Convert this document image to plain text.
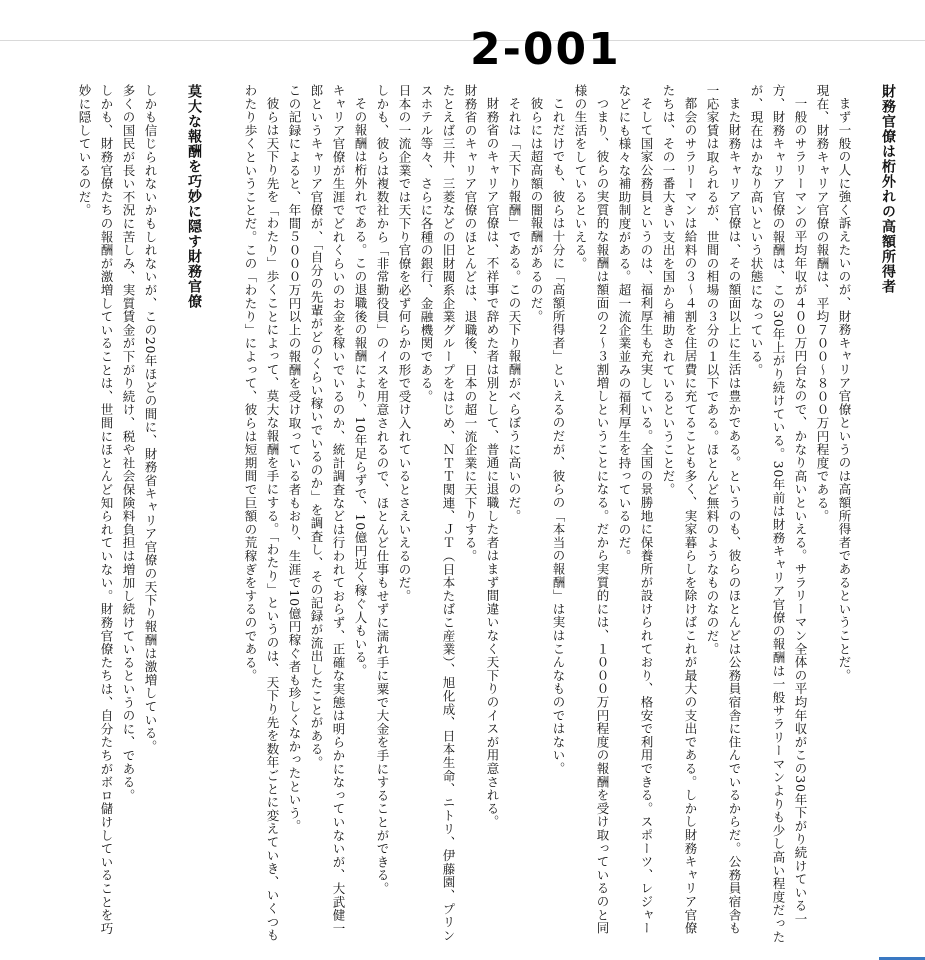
2-001
財務官僚は桁外れの高額所得者

まず一般の人に強く訴えたいのが、財務キャリア官僚というのは高額所得者であるということだ。

現在、財務キャリア官僚の報酬は、平均７００～８００万円程度である。

一般のサラリーマンの平均年収が４００万円台なので、かなり高いといえる。サラリーマン全体の平均年収がこの30年下がり続けている一方、財務キャリア官僚の報酬は、この30年上がり続けている。30年前は財務キャリア官僚の報酬は一般サラリーマンよりも少し高い程度だったが、現在はかなり高いという状態になっている。

また財務キャリア官僚は、その額面以上に生活は豊かである。というのも、彼らのほとんどは公務員宿舎に住んでいるからだ。公務員宿舎も一応家賃は取られるが、世間の相場の３分の１以下である。ほとんど無料のようなものなのだ。

都会のサラリーマンは給料の３～４割を住居費に充てることも多く、実家暮らしを除けばこれが最大の支出である。しかし財務キャリア官僚たちは、その一番大きい支出を国から補助されているということだ。

そして国家公務員というのは、福利厚生も充実している。全国の景勝地に保養所が設けられており、格安で利用できる。スポーツ、レジャーなどにも様々な補助制度がある。超一流企業並みの福利厚生を持っているのだ。

つまり、彼らの実質的な報酬は額面の２～３割増しということになる。だから実質的には、１０００万円程度の報酬を受け取っているのと同様の生活をしているといえる。

これだけでも、彼らは十分に「高額所得者」といえるのだが、彼らの「本当の報酬」は実はこんなものではない。

彼らには超高額の闇報酬があるのだ。

それは「天下り報酬」である。この天下り報酬がべらぼうに高いのだ。

財務省のキャリア官僚は、不祥事で辞めた者は別として、普通に退職した者はまず間違いなく天下りのイスが用意される。

財務省のキャリア官僚のほとんどは、退職後、日本の超一流企業に天下りする。

たとえば三井、三菱などの旧財閥系企業グループをはじめ、ＮＴＴ関連、ＪＴ（日本たばこ産業）、旭化成、日本生命、ニトリ、伊藤園、プリンスホテル等々、さらに各種の銀行、金融機関である。

日本の一流企業では天下り官僚を必ず何らかの形で受け入れているとさえいえるのだ。

しかも、彼らは複数社から「非常勤役員」のイスを用意されるので、ほとんど仕事もせずに濡れ手に粟で大金を手にすることができる。

その報酬は桁外れである。この退職後の報酬により、10年足らずで、10億円近く稼ぐ人もいる。

キャリア官僚が生涯でどれくらいのお金を稼いでいるのか、統計調査などは行われておらず、正確な実態は明らかになっていないが、大武健一郎というキャリア官僚が、「自分の先輩がどのくらい稼いでいるのか」を調査し、その記録が流出したことがある。

この記録によると、年間５０００万円以上の報酬を受け取っている者もおり、生涯で10億円稼ぐ者も珍しくなかったという。

彼らは天下り先を「わたり」歩くことによって、莫大な報酬を手にする。「わたり」というのは、天下り先を数年ごとに変えていき、いくつもわたり歩くということだ。この「わたり」によって、彼らは短期間で巨額の荒稼ぎをするのである。

莫大な報酬を巧妙に隠す財務官僚

しかも信じられないかもしれないが、この20年ほどの間に、財務省キャリア官僚の天下り報酬は激増している。

多くの国民が長い不況に苦しみ、実質賃金が下がり続け、税や社会保険料負担は増加し続けているというのに、である。

しかも、財務官僚たちの報酬が激増していることは、世間にほとんど知られていない。財務官僚たちは、自分たちがボロ儲けしていることを巧妙に隠しているのだ。
